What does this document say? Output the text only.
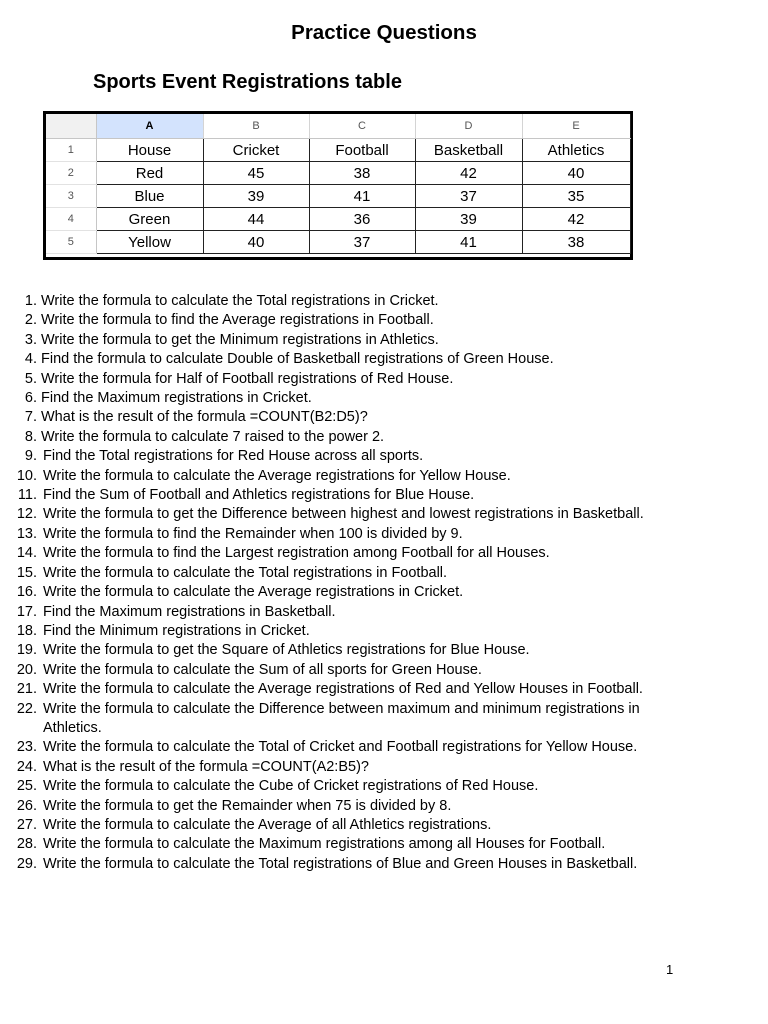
Practice Questions
Sports Event Registrations table
	A	B	C	D	E
1	House	Cricket	Football	Basketball	Athletics
2	Red	45	38	42	40
3	Blue	39	41	37	35
4	Green	44	36	39	42
5	Yellow	40	37	41	38
1. Write the formula to calculate the Total registrations in Cricket.
2. Write the formula to find the Average registrations in Football.
3. Write the formula to get the Minimum registrations in Athletics.
4. Find the formula to calculate Double of Basketball registrations of Green House.
5. Write the formula for Half of Football registrations of Red House.
6. Find the Maximum registrations in Cricket.
7. What is the result of the formula =COUNT(B2:D5)?
8. Write the formula to calculate 7 raised to the power 2.
9. Find the Total registrations for Red House across all sports.
10. Write the formula to calculate the Average registrations for Yellow House.
11. Find the Sum of Football and Athletics registrations for Blue House.
12. Write the formula to get the Difference between highest and lowest registrations in Basketball.
13. Write the formula to find the Remainder when 100 is divided by 9.
14. Write the formula to find the Largest registration among Football for all Houses.
15. Write the formula to calculate the Total registrations in Football.
16. Write the formula to calculate the Average registrations in Cricket.
17. Find the Maximum registrations in Basketball.
18. Find the Minimum registrations in Cricket.
19. Write the formula to get the Square of Athletics registrations for Blue House.
20. Write the formula to calculate the Sum of all sports for Green House.
21. Write the formula to calculate the Average registrations of Red and Yellow Houses in Football.
22. Write the formula to calculate the Difference between maximum and minimum registrations in Athletics.
23. Write the formula to calculate the Total of Cricket and Football registrations for Yellow House.
24. What is the result of the formula =COUNT(A2:B5)?
25. Write the formula to calculate the Cube of Cricket registrations of Red House.
26. Write the formula to get the Remainder when 75 is divided by 8.
27. Write the formula to calculate the Average of all Athletics registrations.
28. Write the formula to calculate the Maximum registrations among all Houses for Football.
29. Write the formula to calculate the Total registrations of Blue and Green Houses in Basketball.
1
